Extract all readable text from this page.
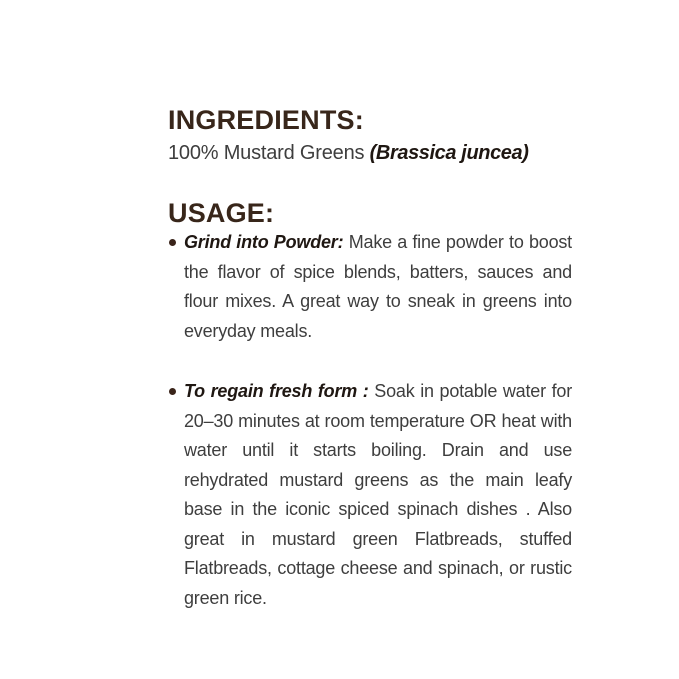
INGREDIENTS:

100% Mustard Greens (Brassica juncea)

USAGE:
Grind into Powder: Make a fine powder to boost the flavor of spice blends, batters, sauces and flour mixes. A great way to sneak in greens into everyday meals.
To regain fresh form : Soak in potable water for 20–30 minutes at room temperature OR heat with water until it starts boiling. Drain and use rehydrated mustard greens as the main leafy base in the iconic spiced spinach dishes . Also great in mustard green Flatbreads, stuffed Flatbreads, cottage cheese and spinach, or rustic green rice.
